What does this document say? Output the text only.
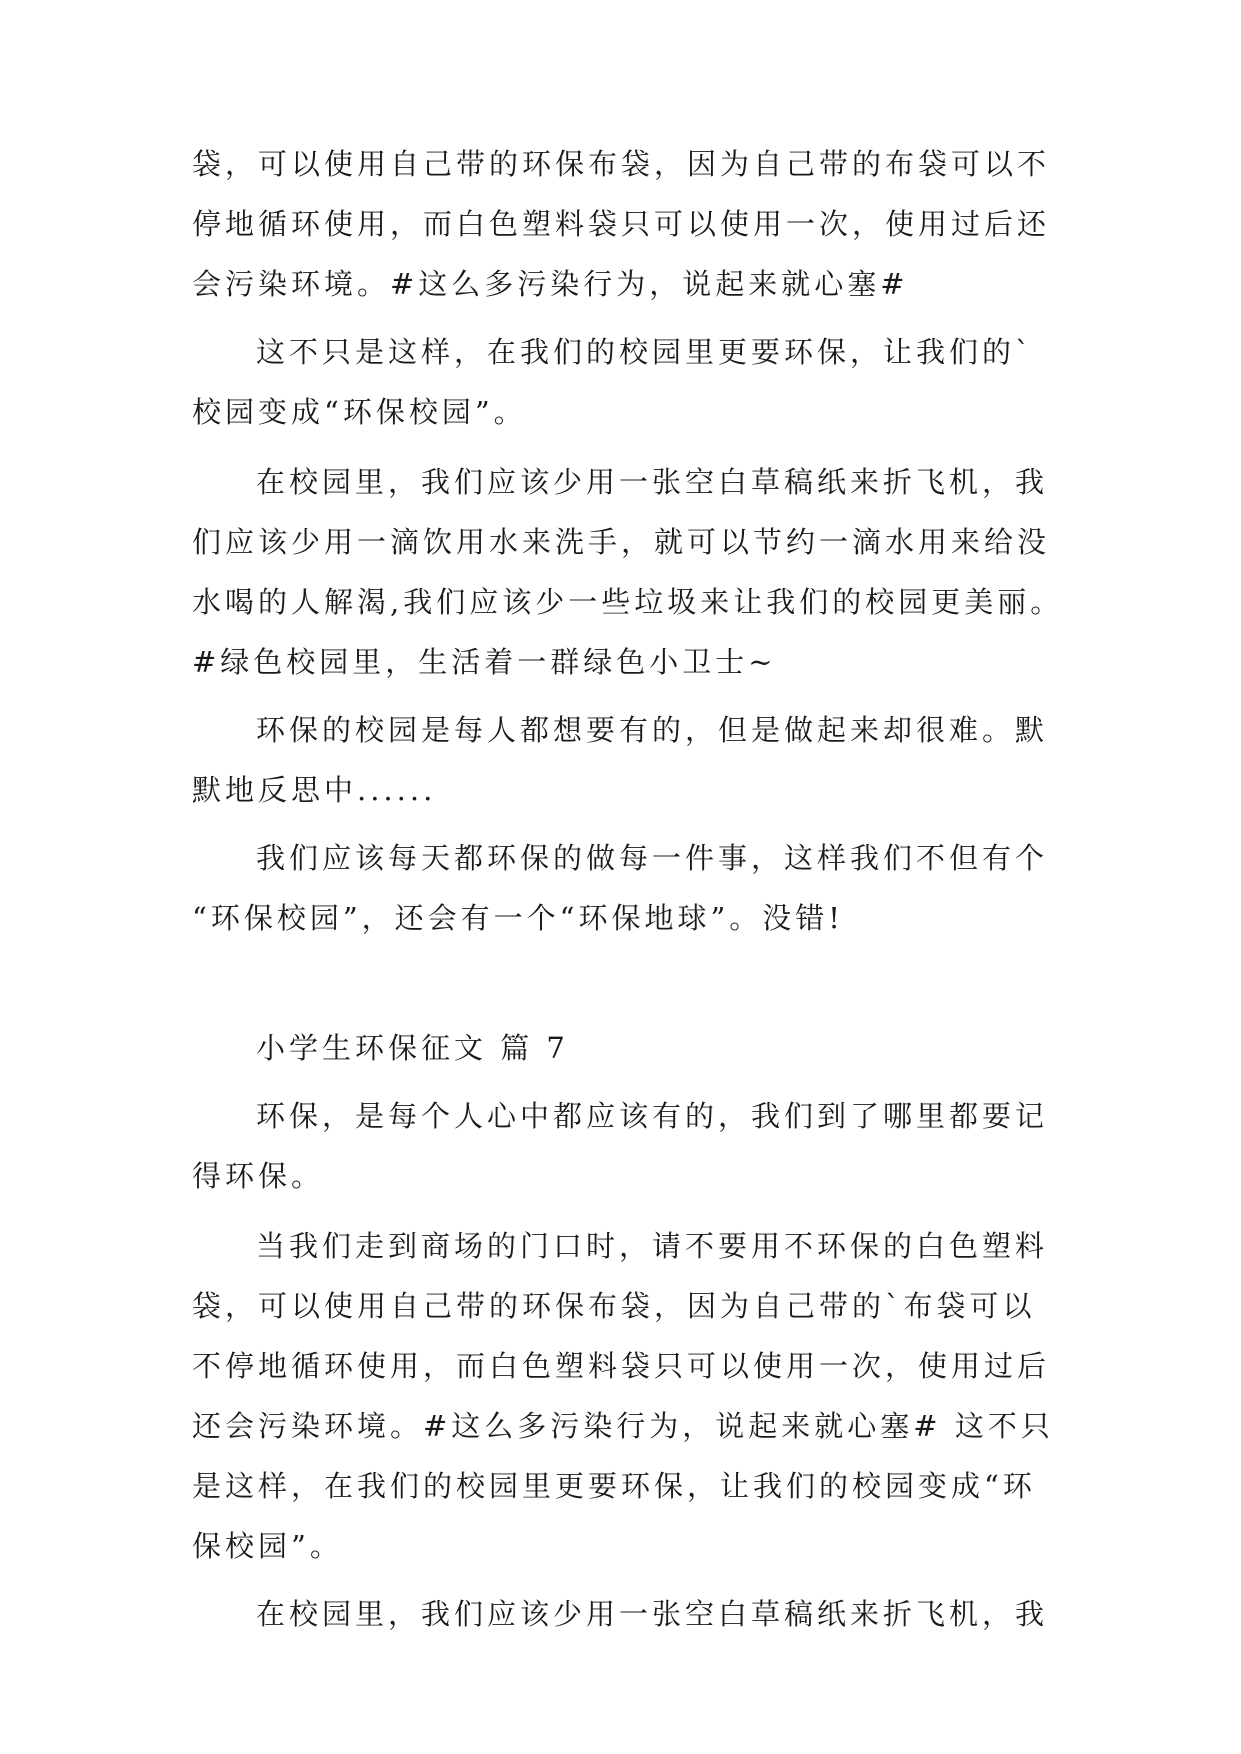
袋，可以使用自己带的环保布袋，因为自己带的布袋可以不
停地循环使用，而白色塑料袋只可以使用一次，使用过后还
会污染环境。#这么多污染行为，说起来就心塞#
这不只是这样，在我们的校园里更要环保，让我们的`
校园变成“环保校园”。
在校园里，我们应该少用一张空白草稿纸来折飞机，我
们应该少用一滴饮用水来洗手，就可以节约一滴水用来给没
水喝的人解渴,我们应该少一些垃圾来让我们的校园更美丽。
#绿色校园里，生活着一群绿色小卫士~
环保的校园是每人都想要有的，但是做起来却很难。默
默地反思中......
我们应该每天都环保的做每一件事，这样我们不但有个
“环保校园”，还会有一个“环保地球”。没错!
小学生环保征文 篇 7
环保，是每个人心中都应该有的，我们到了哪里都要记
得环保。
当我们走到商场的门口时，请不要用不环保的白色塑料
袋，可以使用自己带的环保布袋，因为自己带的`布袋可以
不停地循环使用，而白色塑料袋只可以使用一次，使用过后
还会污染环境。#这么多污染行为，说起来就心塞# 这不只
是这样，在我们的校园里更要环保，让我们的校园变成“环
保校园”。
在校园里，我们应该少用一张空白草稿纸来折飞机，我
